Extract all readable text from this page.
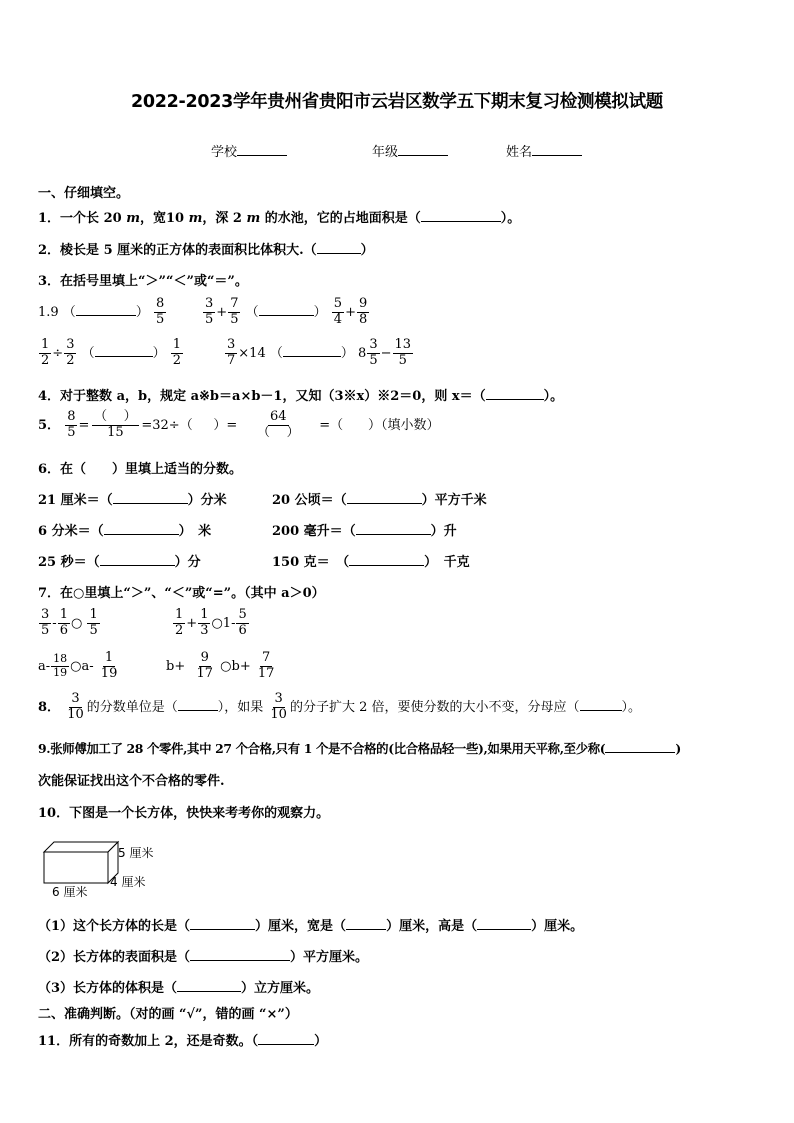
2022-2023学年贵州省贵阳市云岩区数学五下期末复习检测模拟试题
学校	年级	姓名
一、仔细填空。
1．一个长 20 m，宽10 m，深 2 m 的水池，它的占地面积是（	）。
2．棱长是 5 厘米的正方体的表面积比体积大.（	）
3．在括号里填上“＞”“＜”或“＝”。
1.9 （	） $\frac{8}{5}$	$\frac{3}{5} + \frac{7}{5}$ （	） $\frac{5}{4} + \frac{9}{8}$
$\frac{1}{2} \div \frac{3}{2}$ （	） $\frac{1}{2}$	$\frac{3}{7} \times 14$ （	） $8 \frac{3}{5} - \frac{13}{5}$
4．对于整数 a，b，规定 a※b＝a×b－1，又知（3※x）※2＝0，则 x＝（	）。
5． $\frac{8}{5} = \frac{( )}{15} =32\div$（ ）= $\frac{64}{( )}$ =（ ）（填小数）
6．在（　　）里填上适当的分数。
21 厘米＝（	）分米	20 公顷＝（	）平方千米
6 分米＝（	）　米	200 毫升＝（	）升
25 秒＝（	）分	150 克＝　（	）　千克
7．在○里填上“＞”、“＜”或“=”。（其中 a＞0）
$\frac{3}{5} - \frac{1}{6}$ ○ $\frac{1}{5}$	$\frac{1}{2} + \frac{1}{3}$ ○1- $\frac{5}{6}$
$a- \frac{18}{19}$ ○a- $\frac{1}{19}$	$b+ \frac{9}{17}$ ○b+ $\frac{7}{17}$
8． $\frac{3}{10}$ 的分数单位是（	），如果 $\frac{3}{10}$ 的分子扩大 2 倍，要使分数的大小不变，分母应（	）。
9.张师傅加工了 28 个零件,其中 27 个合格,只有 1 个是不合格的(比合格品轻一些),如果用天平称,至少称(	)
次能保证找出这个不合格的零件.
10．下图是一个长方体，快快来考考你的观察力。
5 厘米
4 厘米
6 厘米
（1）这个长方体的长是（	）厘米，宽是（	）厘米，高是（	）厘米。
（2）长方体的表面积是（	）平方厘米。
（3）长方体的体积是（	）立方厘米。
二、准确判断。（对的画 “√”，错的画 “×”）
11．所有的奇数加上 2，还是奇数。（	）
